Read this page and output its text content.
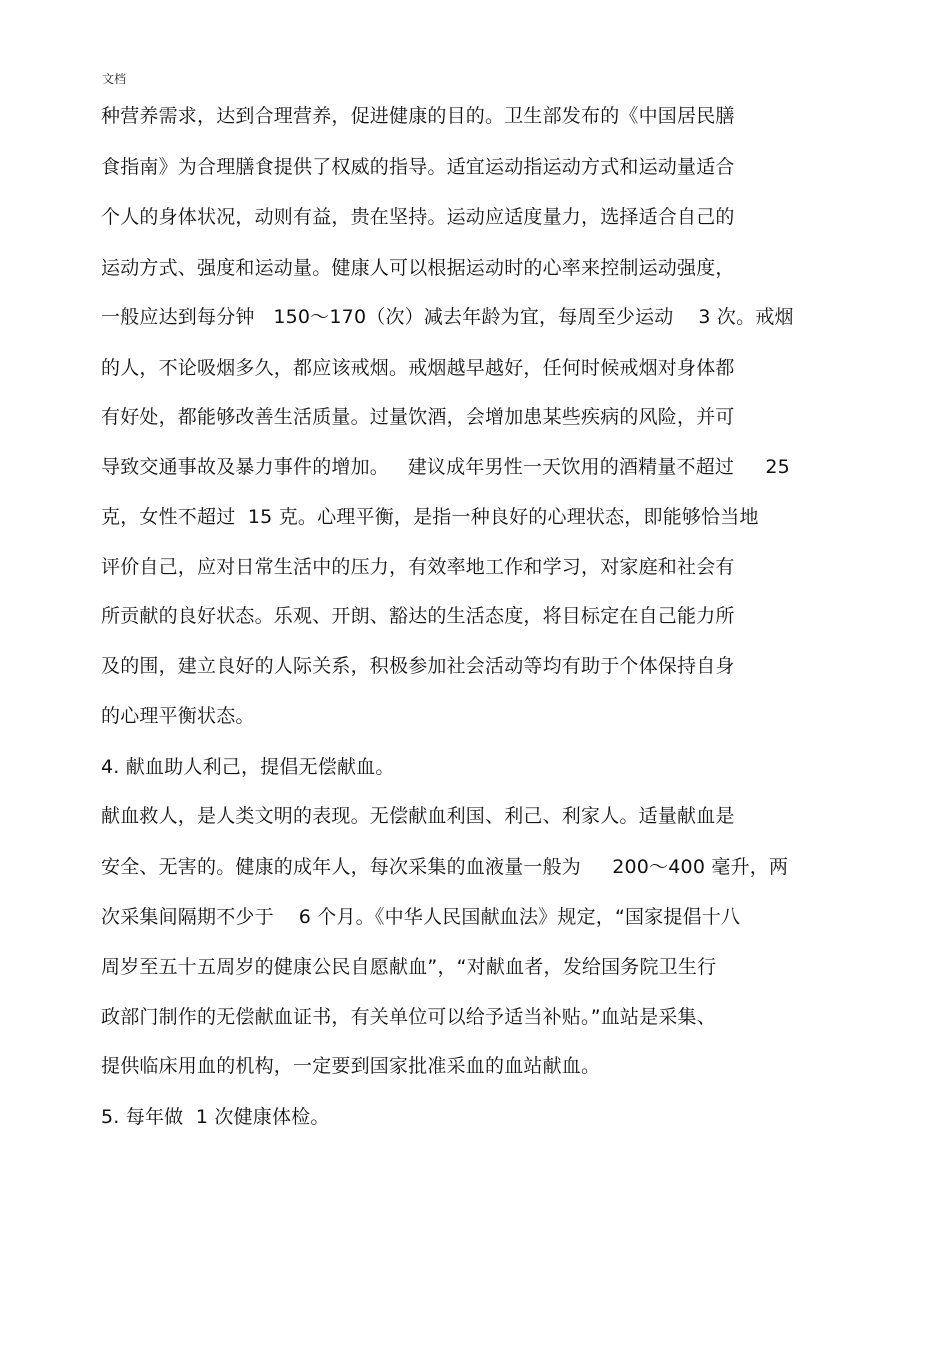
文档
种营养需求，达到合理营养，促进健康的目的。卫生部发布的《中国居民膳
食指南》为合理膳食提供了权威的指导。适宜运动指运动方式和运动量适合
个人的身体状况，动则有益，贵在坚持。运动应适度量力，选择适合自己的
运动方式、强度和运动量。健康人可以根据运动时的心率来控制运动强度，
一般应达到每分钟   150～170（次）减去年龄为宜，每周至少运动    3 次。戒烟
的人，不论吸烟多久，都应该戒烟。戒烟越早越好，任何时候戒烟对身体都
有好处，都能够改善生活质量。过量饮酒，会增加患某些疾病的风险，并可
导致交通事故及暴力事件的增加。   建议成年男性一天饮用的酒精量不超过     25
克，女性不超过  15 克。心理平衡，是指一种良好的心理状态，即能够恰当地
评价自己，应对日常生活中的压力，有效率地工作和学习，对家庭和社会有
所贡献的良好状态。乐观、开朗、豁达的生活态度，将目标定在自己能力所
及的围，建立良好的人际关系，积极参加社会活动等均有助于个体保持自身
的心理平衡状态。
4. 献血助人利己，提倡无偿献血。
献血救人，是人类文明的表现。无偿献血利国、利己、利家人。适量献血是
安全、无害的。健康的成年人，每次采集的血液量一般为     200～400 毫升，两
次采集间隔期不少于    6 个月。《中华人民国献血法》规定，“国家提倡十八
周岁至五十五周岁的健康公民自愿献血”，“对献血者，发给国务院卫生行
政部门制作的无偿献血证书，有关单位可以给予适当补贴。”血站是采集、
提供临床用血的机构，一定要到国家批准采血的血站献血。
5. 每年做  1 次健康体检。
